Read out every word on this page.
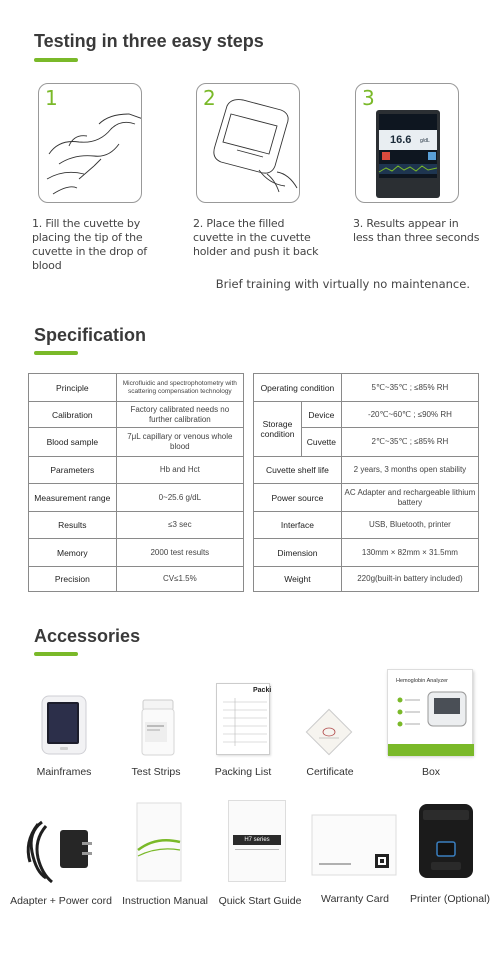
Testing in three easy steps
1	2
16.6 g/dL
3
1. Fill the cuvette by placing the tip of the cuvette in the drop of blood
2. Place the filled cuvette in the cuvette holder and push it back
3. Results appear in less than three seconds
Brief training with virtually no maintenance.
Specification
Principle	Microfluidic and spectrophotometry with scattering compensation technology
Calibration	Factory calibrated needs no further calibration
Blood sample	7μL capillary or venous whole blood
Parameters	Hb and Hct
Measurement range	0~25.6 g/dL
Results	≤3 sec
Memory	2000 test results
Precision	CV≤1.5%
Operating condition		5℃~35℃ ; ≤85% RH
Storage condition	Device	-20℃~60℃ ; ≤90% RH
	Cuvette	2℃~35℃ ; ≤85% RH
Cuvette shelf life		2 years, 3 months open stability
Power source		AC Adapter and rechargeable lithium battery
Interface		USB, Bluetooth, printer
Dimension		130mm × 82mm × 31.5mm
Weight		220g(built-in battery included)
Accessories
Packi
Hemoglobin Analyzer
Mainframes	Test Strips	Packing List	Certificate	Box
H7 series
Adapter + Power cord Instruction Manual Quick Start Guide Warranty Card Printer (Optional)
